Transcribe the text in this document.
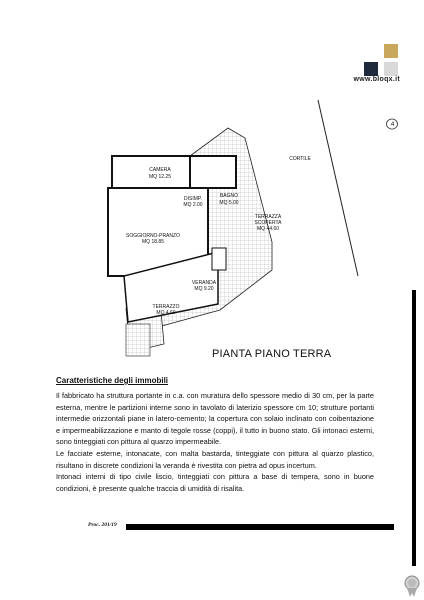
www.bloqx.it
4
CAMERA
MQ 12.25
DISIMP.
MQ 2.00
BAGNO
MQ 5.00
SOGGIORNO-PRANZO
MQ 18.85
TERRAZZA
SCOPERTA
MQ 44.60
VERANDA
MQ 9.20
TERRAZZO
MQ 4.60
CORTILE
PIANTA PIANO TERRA
Caratteristiche degli immobili

Il fabbricato ha struttura portante in c.a. con muratura dello spessore medio di 30 cm, per la parte esterna, mentre le partizioni interne sono in tavolato di laterizio spessore cm 10; strutture portanti intermedie orizzontali piane in latero-cemento; la copertura con solaio inclinato con coibentazione e impermeabilizzazione e manto di tegole rosse (coppi), il tutto in buono stato. Gli intonaci esterni, sono tinteggiati con pittura al quarzo impermeabile.

Le facciate esterne, intonacate, con malta bastarda, tinteggiate con pittura al quarzo plastico, risultano in discrete condizioni la veranda è rivestita con pietra ad opus incertum.

Intonaci interni di tipo civile liscio, tinteggiati con pittura a base di tempera, sono in buone condizioni, è presente qualche traccia di umidità di risalita.

Proc. 201/19
